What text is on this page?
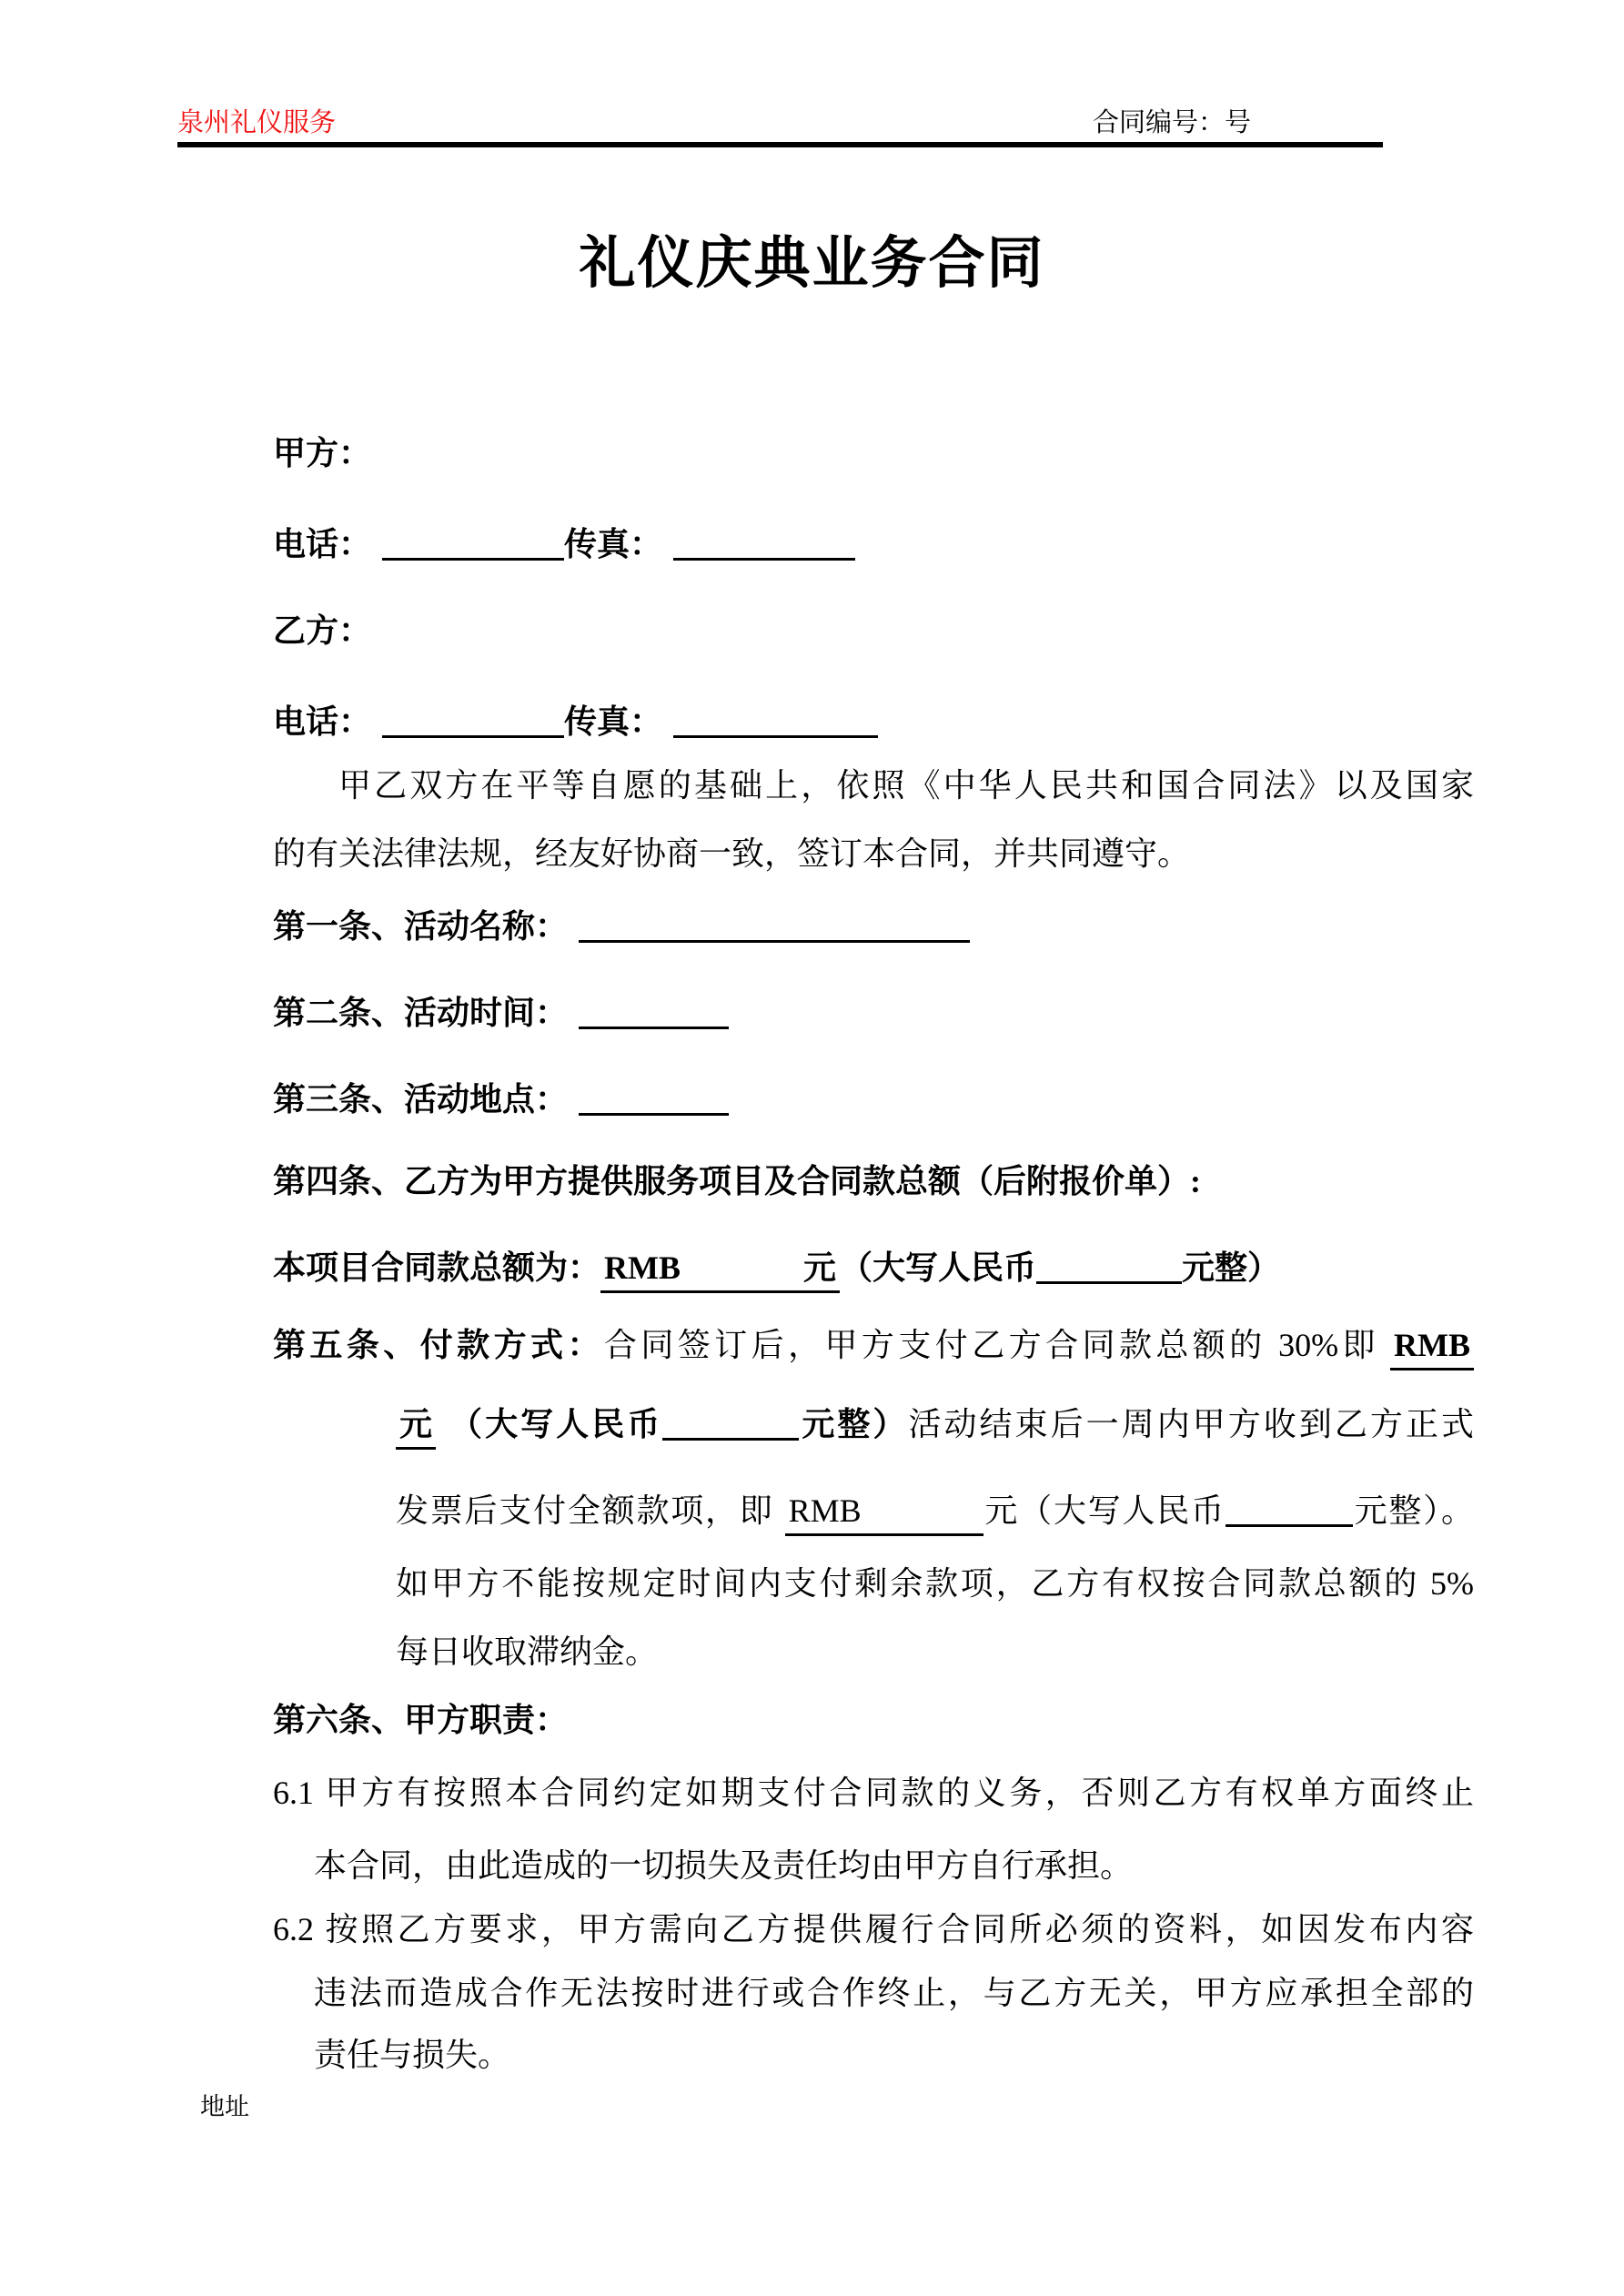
泉州礼仪服务	合同编号：号
礼仪庆典业务合同
甲方：
电话：	传真：
乙方：
电话：	传真：
甲乙双方在平等自愿的基础上，依照《中华人民共和国合同法》以及国家
的有关法律法规，经友好协商一致，签订本合同，并共同遵守。
第一条、活动名称：
第二条、活动时间：
第三条、活动地点：
第四条、乙方为甲方提供服务项目及合同款总额（后附报价单）:
本项目合同款总额为： RMB	元 （大写人民币	元整）
第五条、付款方式：合同签订后，甲方支付乙方合同款总额的 30%即 RMB
元 （大写人民币	元整）活动结束后一周内甲方收到乙方正式
发票后支付全额款项，即 RMB	元（大写人民币	元整）。
如甲方不能按规定时间内支付剩余款项，乙方有权按合同款总额的 5%
每日收取滞纳金。
第六条、甲方职责：
6.1 甲方有按照本合同约定如期支付合同款的义务，否则乙方有权单方面终止
本合同，由此造成的一切损失及责任均由甲方自行承担。
6.2 按照乙方要求，甲方需向乙方提供履行合同所必须的资料，如因发布内容
违法而造成合作无法按时进行或合作终止，与乙方无关，甲方应承担全部的
责任与损失。
地址
